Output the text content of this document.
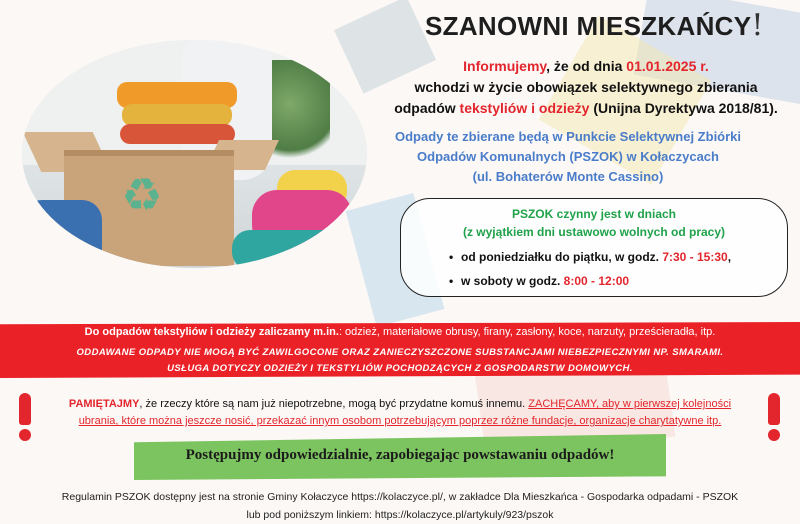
♻
SZANOWNI MIESZKAŃCY!
Informujemy, że od dnia 01.01.2025 r.
wchodzi w życie obowiązek selektywnego zbierania
odpadów tekstyliów i odzieży (Unijna Dyrektywa 2018/81).
Odpady te zbierane będą w Punkcie Selektywnej Zbiórki
Odpadów Komunalnych (PSZOK) w Kołaczycach
(ul. Bohaterów Monte Cassino)
PSZOK czynny jest w dniach
(z wyjątkiem dni ustawowo wolnych od pracy)
• od poniedziałku do piątku, w godz. 7:30 - 15:30,
• w soboty w godz. 8:00 - 12:00
Do odpadów tekstyliów i odzieży zaliczamy m.in.: odzież, materiałowe obrusy, firany, zasłony, koce, narzuty, prześcieradła, itp.
ODDAWANE ODPADY NIE MOGĄ BYĆ ZAWILGOCONE ORAZ ZANIECZYSZCZONE SUBSTANCJAMI NIEBEZPIECZNYMI NP. SMARAMI.
USŁUGA DOTYCZY ODZIEŻY I TEKSTYLIÓW POCHODZĄCYCH Z GOSPODARSTW DOMOWYCH.
PAMIĘTAJMY, że rzeczy które są nam już niepotrzebne, mogą być przydatne komuś innemu. ZACHĘCAMY, aby w pierwszej kolejności
ubrania, które można jeszcze nosić, przekazać innym osobom potrzebującym poprzez różne fundacje, organizacje charytatywne itp.
Postępujmy odpowiedzialnie, zapobiegając powstawaniu odpadów!
Regulamin PSZOK dostępny jest na stronie Gminy Kołaczyce https://kolaczyce.pl/, w zakładce Dla Mieszkańca - Gospodarka odpadami - PSZOK
lub pod poniższym linkiem: https://kolaczyce.pl/artykuly/923/pszok
